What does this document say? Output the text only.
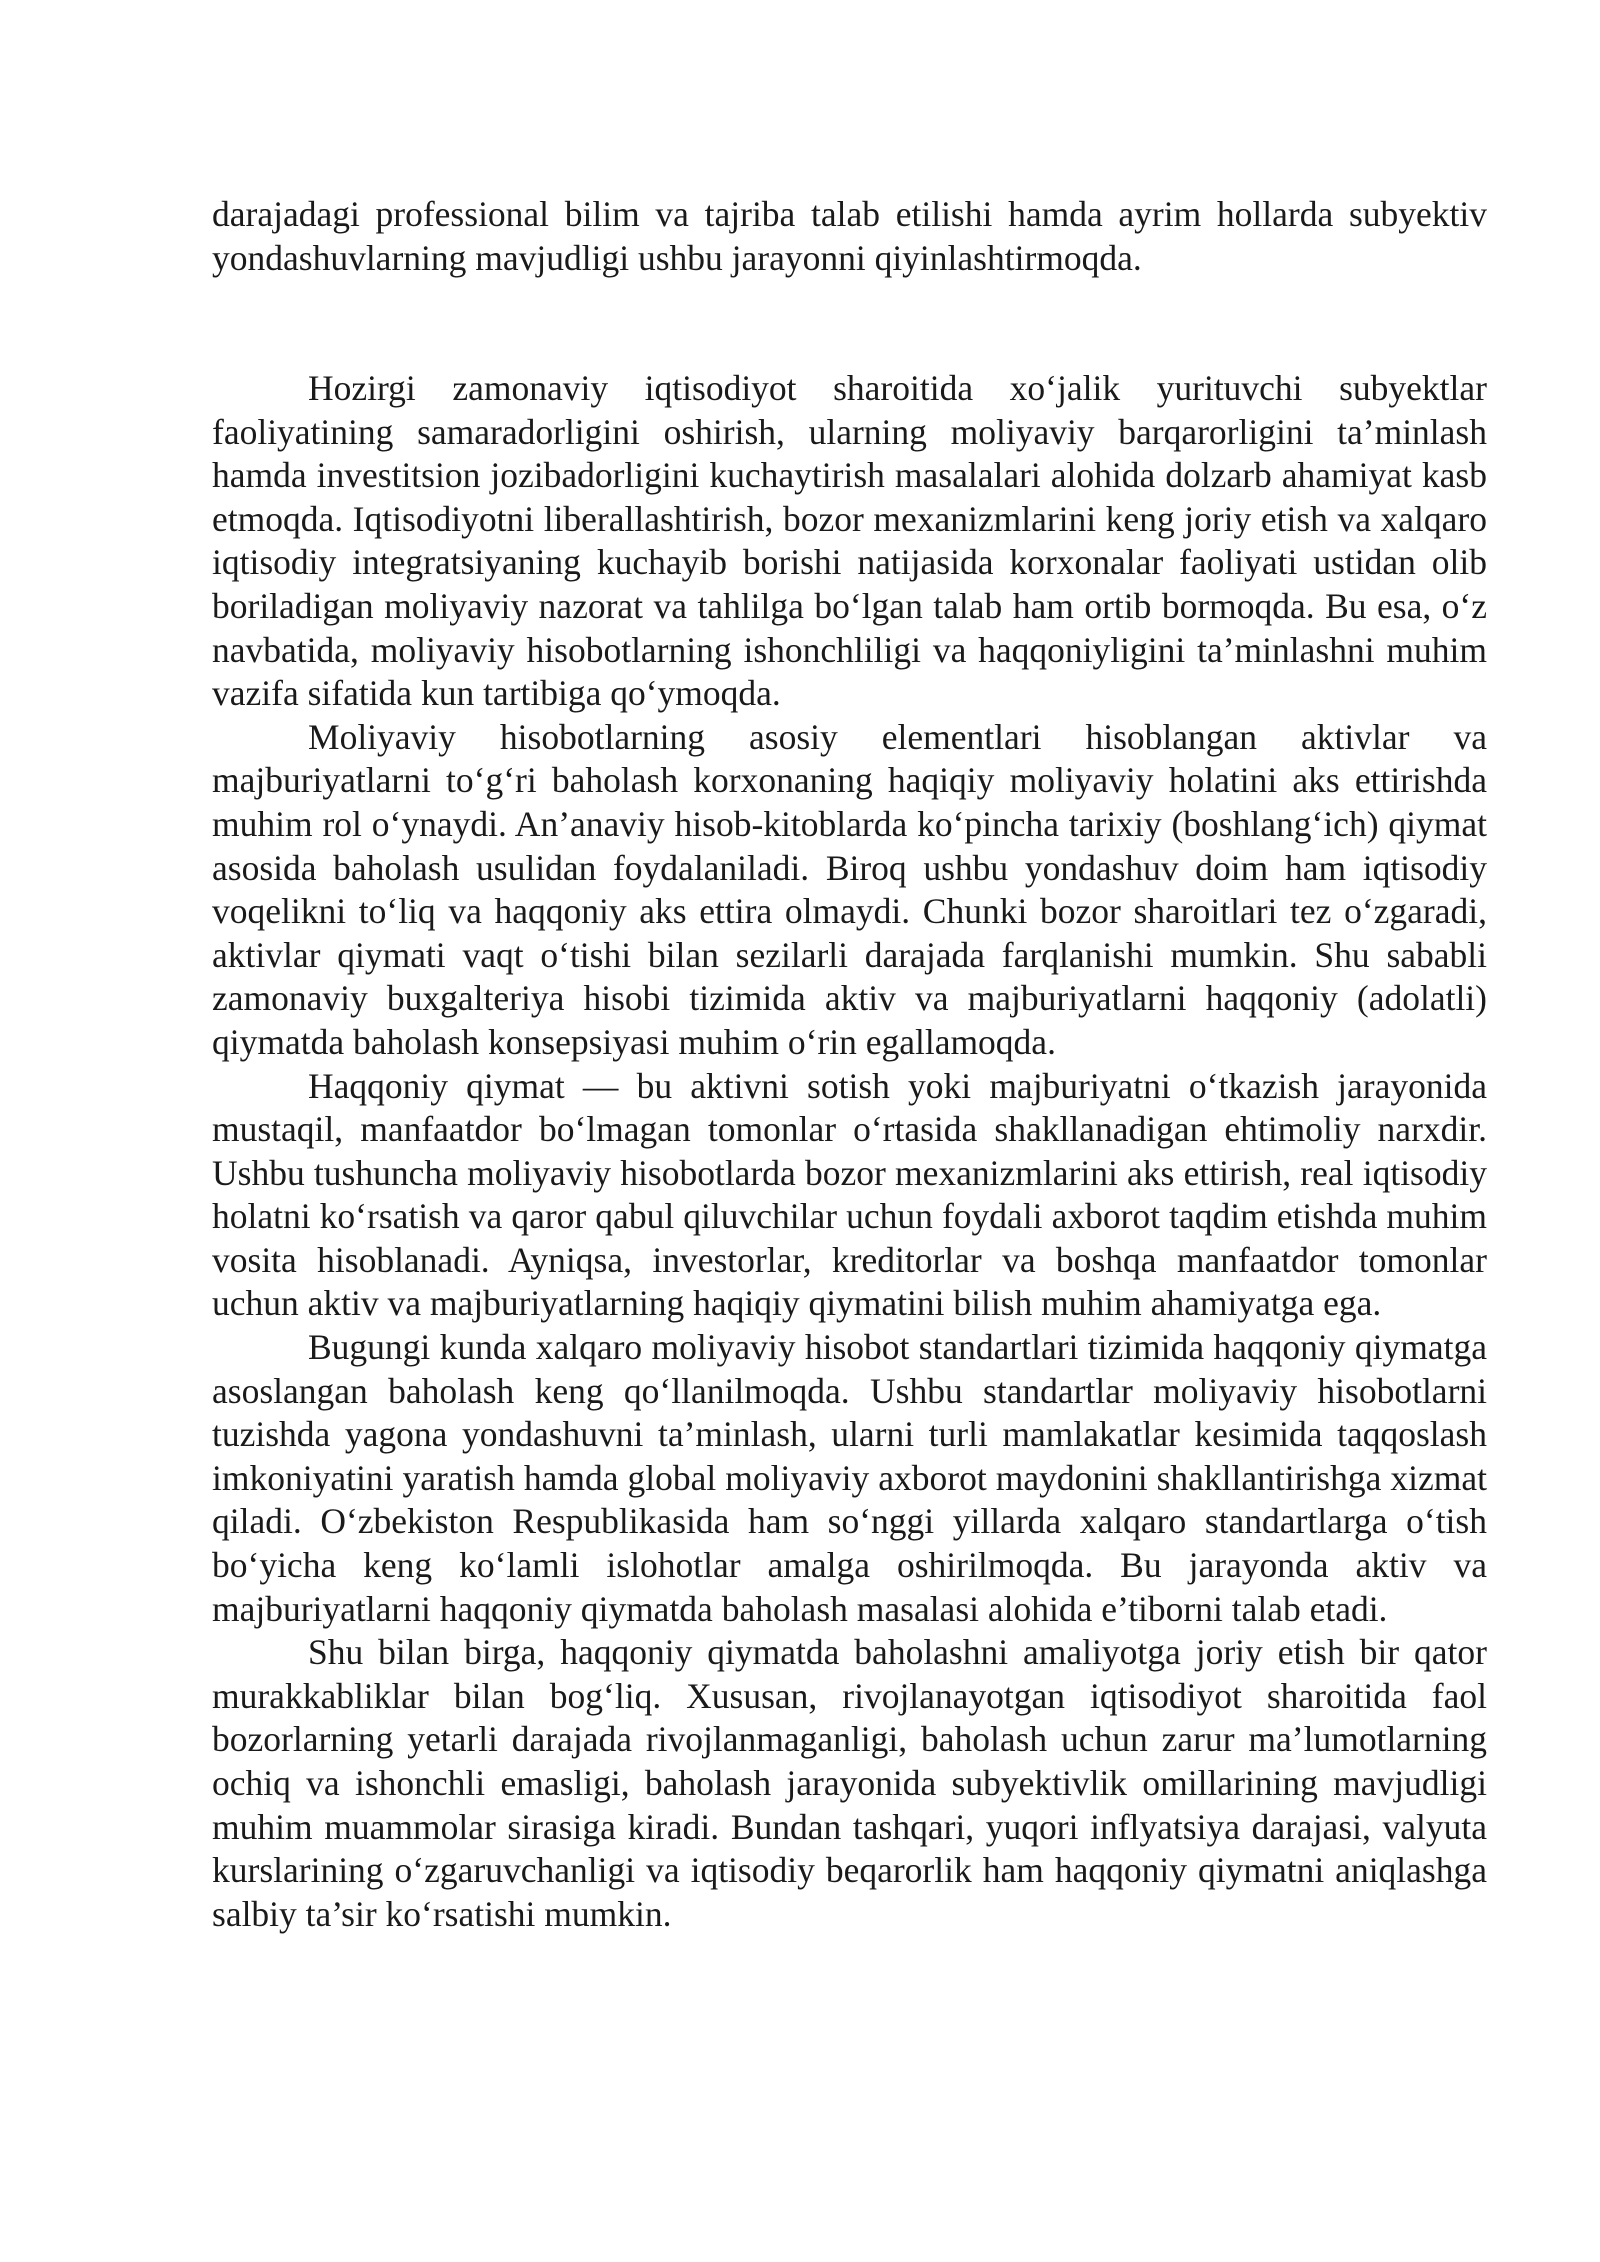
darajadagi professional bilim va tajriba talab etilishi hamda ayrim hollarda subyektiv yondashuvlarning mavjudligi ushbu jarayonni qiyinlashtirmoqda.

Hozirgi zamonaviy iqtisodiyot sharoitida xo‘jalik yurituvchi subyektlar faoliyatining samaradorligini oshirish, ularning moliyaviy barqarorligini ta’minlash hamda investitsion jozibadorligini kuchaytirish masalalari alohida dolzarb ahamiyat kasb etmoqda. Iqtisodiyotni liberallashtirish, bozor mexanizmlarini keng joriy etish va xalqaro iqtisodiy integratsiyaning kuchayib borishi natijasida korxonalar faoliyati ustidan olib boriladigan moliyaviy nazorat va tahlilga bo‘lgan talab ham ortib bormoqda. Bu esa, o‘z navbatida, moliyaviy hisobotlarning ishonchliligi va haqqoniyligini ta’minlashni muhim vazifa sifatida kun tartibiga qo‘ymoqda.

Moliyaviy hisobotlarning asosiy elementlari hisoblangan aktivlar va majburiyatlarni to‘g‘ri baholash korxonaning haqiqiy moliyaviy holatini aks ettirishda muhim rol o‘ynaydi. An’anaviy hisob-kitoblarda ko‘pincha tarixiy (boshlang‘ich) qiymat asosida baholash usulidan foydalaniladi. Biroq ushbu yondashuv doim ham iqtisodiy voqelikni to‘liq va haqqoniy aks ettira olmaydi. Chunki bozor sharoitlari tez o‘zgaradi, aktivlar qiymati vaqt o‘tishi bilan sezilarli darajada farqlanishi mumkin. Shu sababli zamonaviy buxgalteriya hisobi tizimida aktiv va majburiyatlarni haqqoniy (adolatli) qiymatda baholash konsepsiyasi muhim o‘rin egallamoqda.

Haqqoniy qiymat — bu aktivni sotish yoki majburiyatni o‘tkazish jarayonida mustaqil, manfaatdor bo‘lmagan tomonlar o‘rtasida shakllanadigan ehtimoliy narxdir. Ushbu tushuncha moliyaviy hisobotlarda bozor mexanizmlarini aks ettirish, real iqtisodiy holatni ko‘rsatish va qaror qabul qiluvchilar uchun foydali axborot taqdim etishda muhim vosita hisoblanadi. Ayniqsa, investorlar, kreditorlar va boshqa manfaatdor tomonlar uchun aktiv va majburiyatlarning haqiqiy qiymatini bilish muhim ahamiyatga ega.

Bugungi kunda xalqaro moliyaviy hisobot standartlari tizimida haqqoniy qiymatga asoslangan baholash keng qo‘llanilmoqda. Ushbu standartlar moliyaviy hisobotlarni tuzishda yagona yondashuvni ta’minlash, ularni turli mamlakatlar kesimida taqqoslash imkoniyatini yaratish hamda global moliyaviy axborot maydonini shakllantirishga xizmat qiladi. O‘zbekiston Respublikasida ham so‘nggi yillarda xalqaro standartlarga o‘tish bo‘yicha keng ko‘lamli islohotlar amalga oshirilmoqda. Bu jarayonda aktiv va majburiyatlarni haqqoniy qiymatda baholash masalasi alohida e’tiborni talab etadi.

Shu bilan birga, haqqoniy qiymatda baholashni amaliyotga joriy etish bir qator murakkabliklar bilan bog‘liq. Xususan, rivojlanayotgan iqtisodiyot sharoitida faol bozorlarning yetarli darajada rivojlanmaganligi, baholash uchun zarur ma’lumotlarning ochiq va ishonchli emasligi, baholash jarayonida subyektivlik omillarining mavjudligi muhim muammolar sirasiga kiradi. Bundan tashqari, yuqori inflyatsiya darajasi, valyuta kurslarining o‘zgaruvchanligi va iqtisodiy beqarorlik ham haqqoniy qiymatni aniqlashga salbiy ta’sir ko‘rsatishi mumkin.
